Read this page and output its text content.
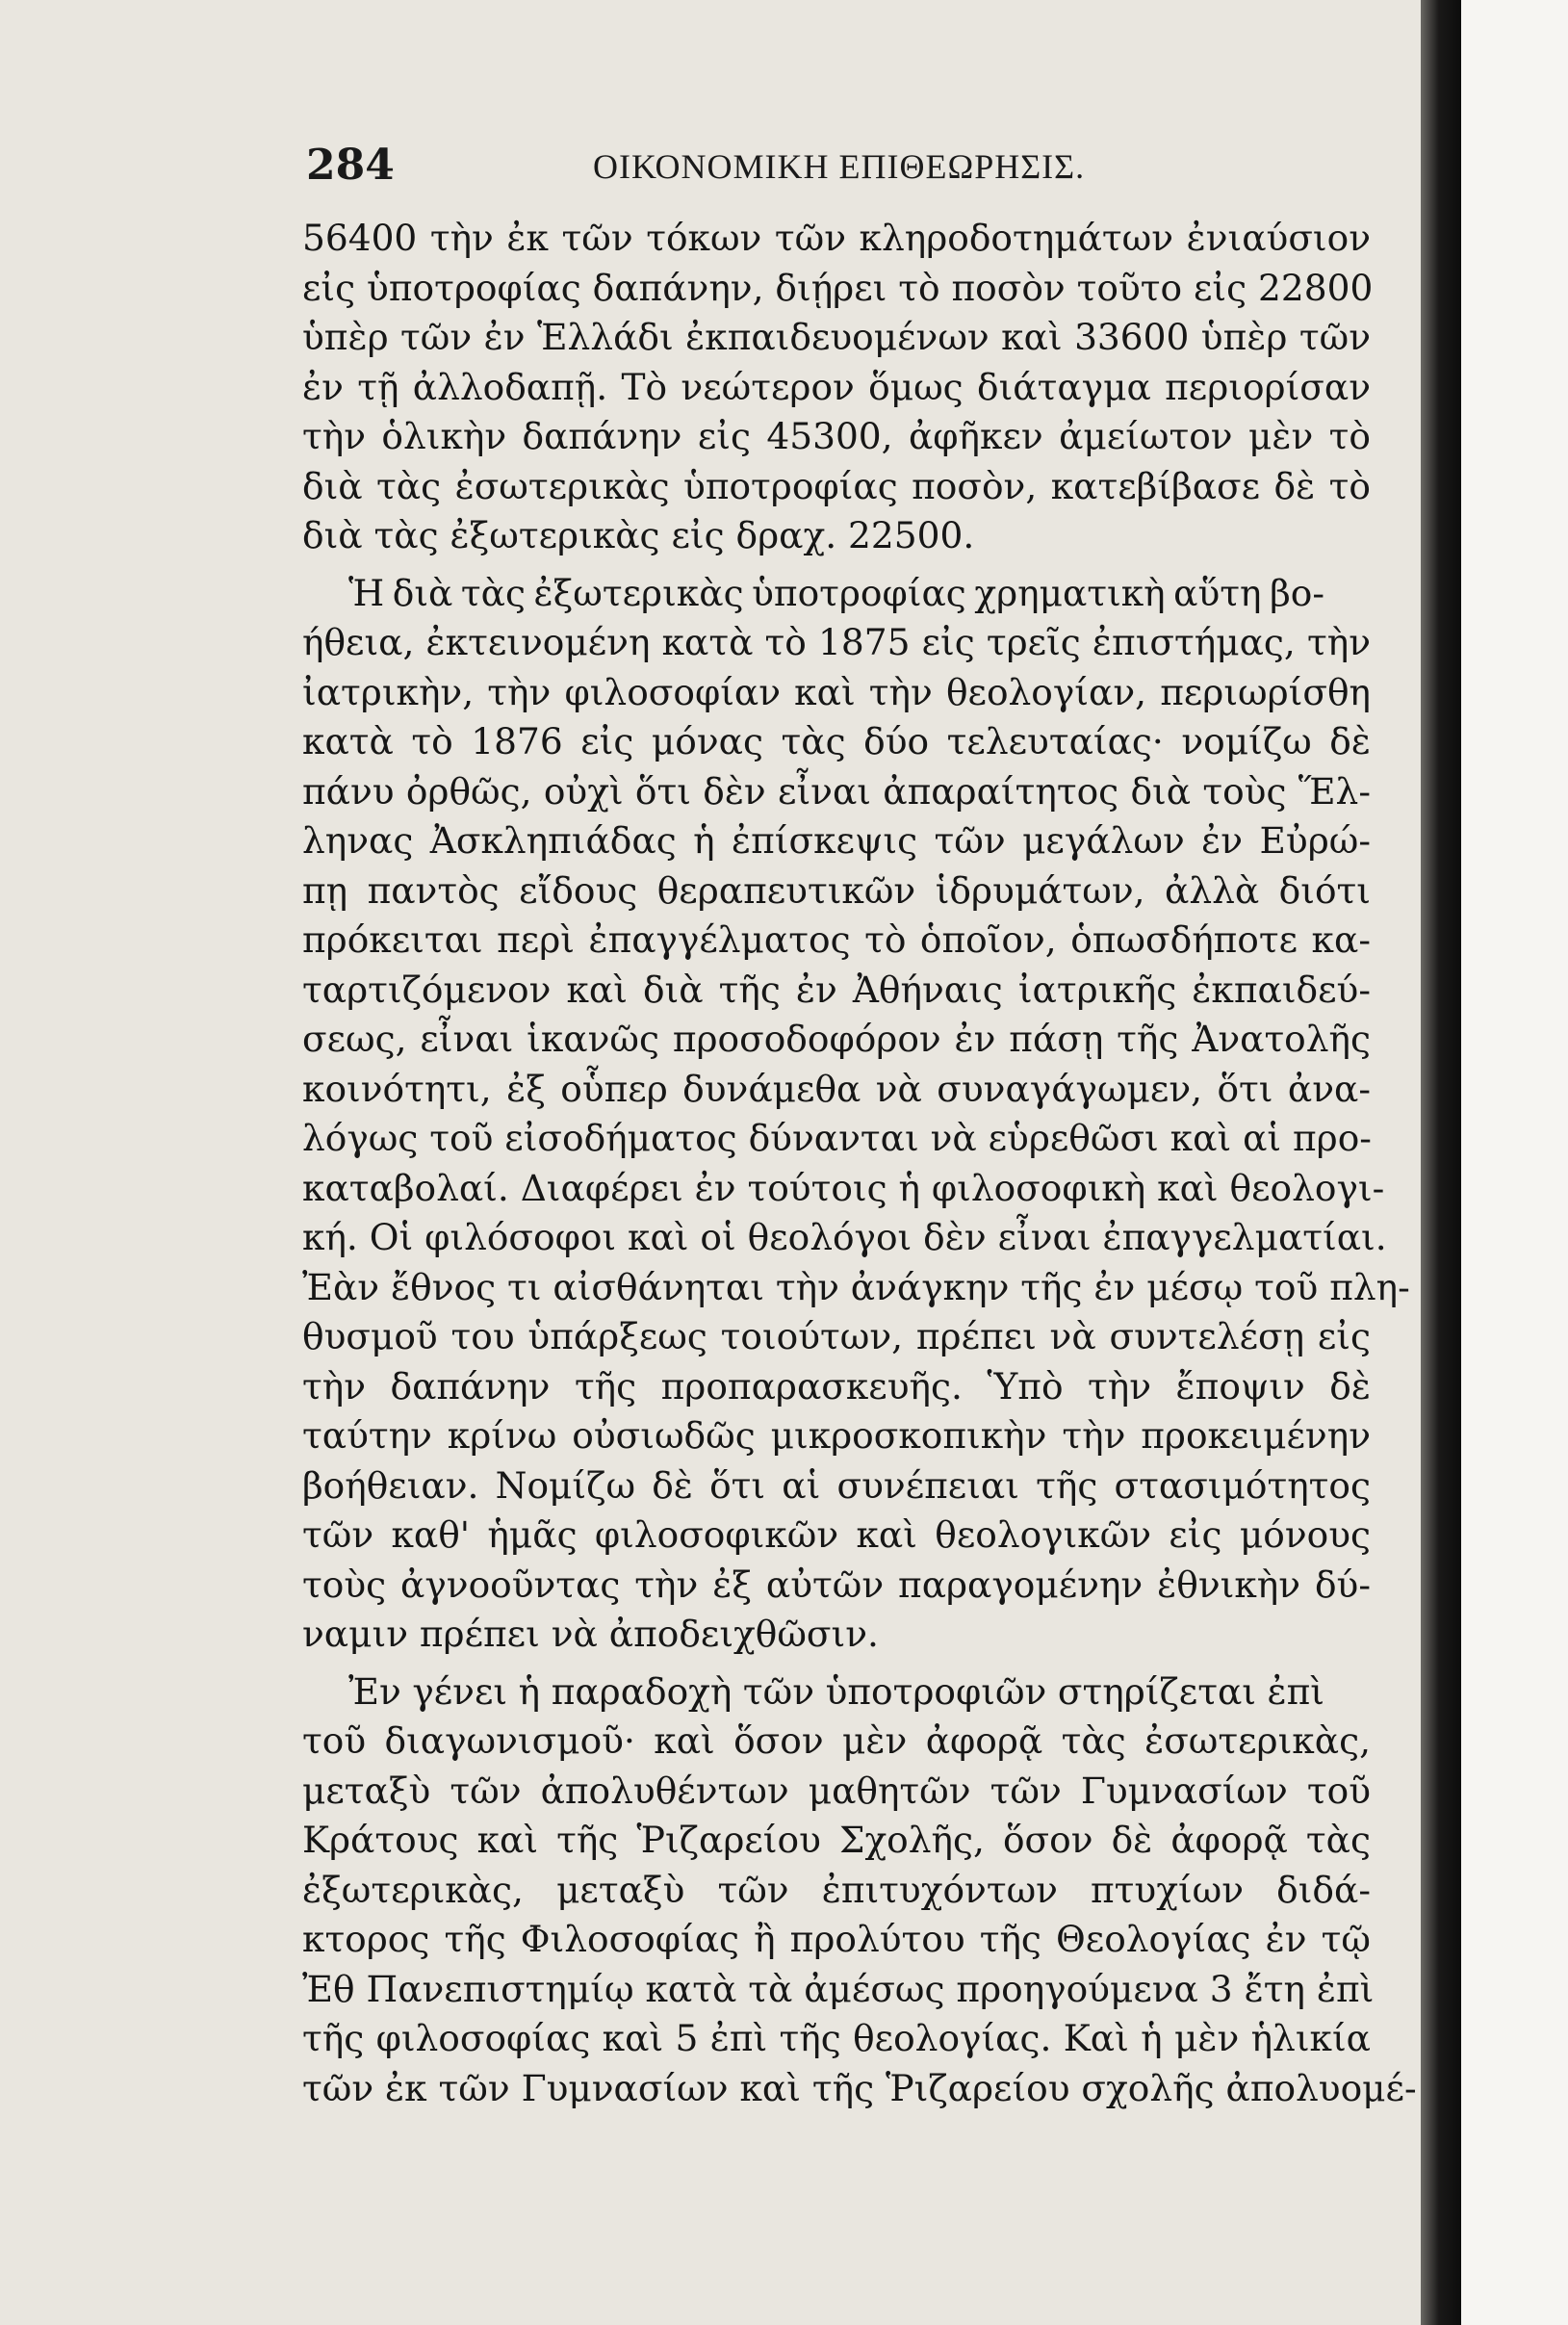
284	ΟΙΚΟΝΟΜΙΚΗ ΕΠΙΘΕΩΡΗΣΙΣ.
56400 τὴν ἐκ τῶν τόκων τῶν κληροδοτημάτων ἐνιαύσιον
εἰς ὑποτροφίας δαπάνην, διῄρει τὸ ποσὸν τοῦτο εἰς 22800
ὑπὲρ τῶν ἐν Ἑλλάδι ἐκπαιδευομένων καὶ 33600 ὑπὲρ τῶν
ἐν τῇ ἀλλοδαπῇ. Τὸ νεώτερον ὅμως διάταγμα περιορίσαν
τὴν ὁλικὴν δαπάνην εἰς 45300, ἀφῆκεν ἀμείωτον μὲν τὸ
διὰ τὰς ἐσωτερικὰς ὑποτροφίας ποσὸν, κατεβίβασε δὲ τὸ
διὰ τὰς ἐξωτερικὰς εἰς δραχ. 22500.
Ἡ διὰ τὰς ἐξωτερικὰς ὑποτροφίας χρηματικὴ αὕτη βο-
ήθεια, ἐκτεινομένη κατὰ τὸ 1875 εἰς τρεῖς ἐπιστήμας, τὴν
ἰατρικὴν, τὴν φιλοσοφίαν καὶ τὴν θεολογίαν, περιωρίσθη
κατὰ τὸ 1876 εἰς μόνας τὰς δύο τελευταίας· νομίζω δὲ
πάνυ ὀρθῶς, οὐχὶ ὅτι δὲν εἶναι ἀπαραίτητος διὰ τοὺς Ἕλ-
ληνας Ἀσκληπιάδας ἡ ἐπίσκεψις τῶν μεγάλων ἐν Εὐρώ-
πῃ παντὸς εἴδους θεραπευτικῶν ἱδρυμάτων, ἀλλὰ διότι
πρόκειται περὶ ἐπαγγέλματος τὸ ὁποῖον, ὁπωσδήποτε κα-
ταρτιζόμενον καὶ διὰ τῆς ἐν Ἀθήναις ἰατρικῆς ἐκπαιδεύ-
σεως, εἶναι ἱκανῶς προσοδοφόρον ἐν πάσῃ τῆς Ἀνατολῆς
κοινότητι, ἐξ οὗπερ δυνάμεθα νὰ συναγάγωμεν, ὅτι ἀνα-
λόγως τοῦ εἰσοδήματος δύνανται νὰ εὑρεθῶσι καὶ αἱ προ-
καταβολαί. Διαφέρει ἐν τούτοις ἡ φιλοσοφικὴ καὶ θεολογι-
κή. Οἱ φιλόσοφοι καὶ οἱ θεολόγοι δὲν εἶναι ἐπαγγελματίαι.
Ἐὰν ἔθνος τι αἰσθάνηται τὴν ἀνάγκην τῆς ἐν μέσῳ τοῦ πλη-
θυσμοῦ του ὑπάρξεως τοιούτων, πρέπει νὰ συντελέσῃ εἰς
τὴν δαπάνην τῆς προπαρασκευῆς. Ὑπὸ τὴν ἔποψιν δὲ
ταύτην κρίνω οὐσιωδῶς μικροσκοπικὴν τὴν προκειμένην
βοήθειαν. Νομίζω δὲ ὅτι αἱ συνέπειαι τῆς στασιμότητος
τῶν καθ' ἡμᾶς φιλοσοφικῶν καὶ θεολογικῶν εἰς μόνους
τοὺς ἀγνοοῦντας τὴν ἐξ αὐτῶν παραγομένην ἐθνικὴν δύ-
ναμιν πρέπει νὰ ἀποδειχθῶσιν.
Ἐν γένει ἡ παραδοχὴ τῶν ὑποτροφιῶν στηρίζεται ἐπὶ
τοῦ διαγωνισμοῦ· καὶ ὅσον μὲν ἀφορᾷ τὰς ἐσωτερικὰς,
μεταξὺ τῶν ἀπολυθέντων μαθητῶν τῶν Γυμνασίων τοῦ
Κράτους καὶ τῆς Ῥιζαρείου Σχολῆς, ὅσον δὲ ἀφορᾷ τὰς
ἐξωτερικὰς, μεταξὺ τῶν ἐπιτυχόντων πτυχίων διδά-
κτορος τῆς Φιλοσοφίας ἢ προλύτου τῆς Θεολογίας ἐν τῷ
Ἐθ Πανεπιστημίῳ κατὰ τὰ ἀμέσως προηγούμενα 3 ἔτη ἐπὶ
τῆς φιλοσοφίας καὶ 5 ἐπὶ τῆς θεολογίας. Καὶ ἡ μὲν ἡλικία
τῶν ἐκ τῶν Γυμνασίων καὶ τῆς Ῥιζαρείου σχολῆς ἀπολυομέ-
